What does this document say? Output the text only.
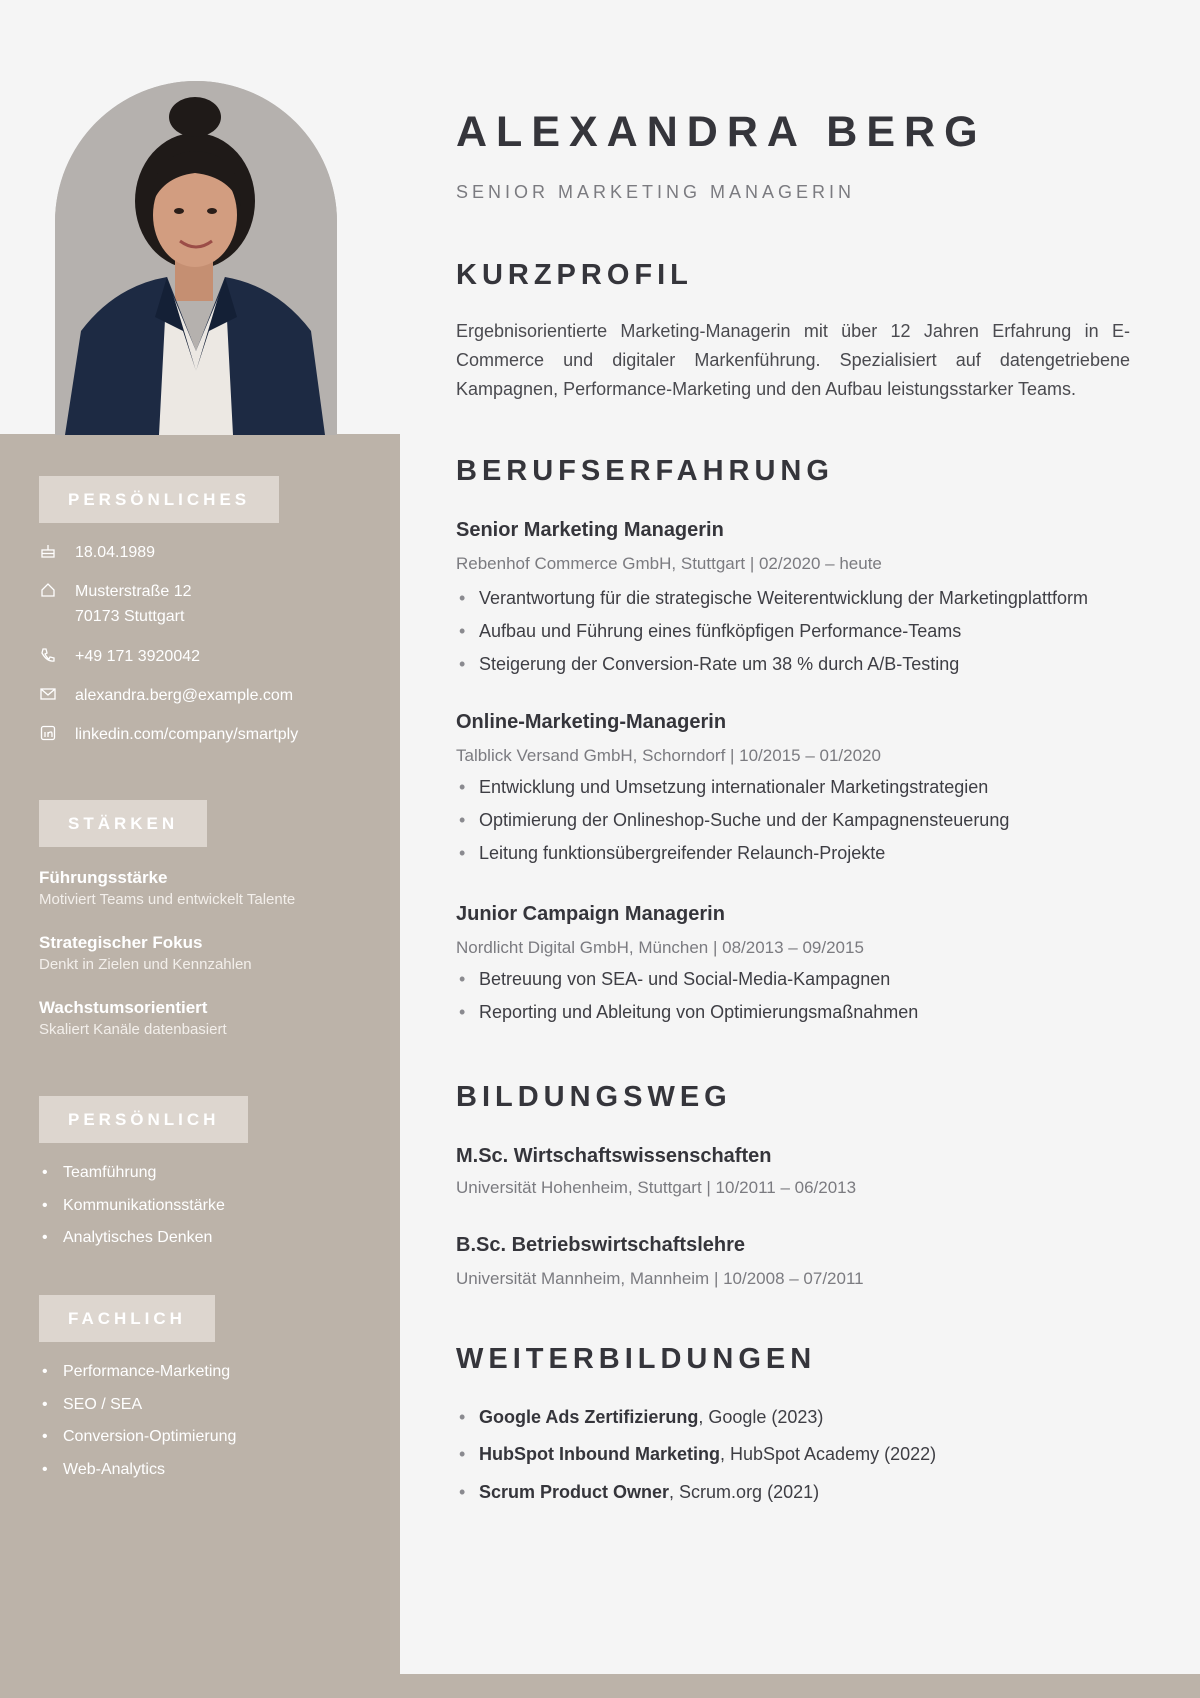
PERSÖNLICHES
18.04.1989
Musterstraße 12
70173 Stuttgart
+49 171 3920042
alexandra.berg@example.com
linkedin.com/company/smartply
STÄRKEN
Führungsstärke
Motiviert Teams und entwickelt Talente
Strategischer Fokus
Denkt in Zielen und Kennzahlen
Wachstumsorientiert
Skaliert Kanäle datenbasiert
PERSÖNLICH
• Teamführung
• Kommunikationsstärke
• Analytisches Denken
FACHLICH
• Performance-Marketing
• SEO / SEA
• Conversion-Optimierung
• Web-Analytics
ALEXANDRA BERG
SENIOR MARKETING MANAGERIN
KURZPROFIL

Ergebnisorientierte Marketing-Managerin mit über 12 Jahren Erfahrung in E-Commerce und digitaler Markenführung. Spezialisiert auf datengetriebene Kampagnen, Performance-Marketing und den Aufbau leistungsstarker Teams.

BERUFSERFAHRUNG
Senior Marketing Managerin
Rebenhof Commerce GmbH, Stuttgart | 02/2020 – heute
• Verantwortung für die strategische Weiterentwicklung der Marketingplattform
• Aufbau und Führung eines fünfköpfigen Performance-Teams
• Steigerung der Conversion-Rate um 38 % durch A/B-Testing
Online-Marketing-Managerin
Talblick Versand GmbH, Schorndorf | 10/2015 – 01/2020
• Entwicklung und Umsetzung internationaler Marketingstrategien
• Optimierung der Onlineshop-Suche und der Kampagnensteuerung
• Leitung funktionsübergreifender Relaunch-Projekte
Junior Campaign Managerin
Nordlicht Digital GmbH, München | 08/2013 – 09/2015
• Betreuung von SEA- und Social-Media-Kampagnen
• Reporting und Ableitung von Optimierungsmaßnahmen
BILDUNGSWEG
M.Sc. Wirtschaftswissenschaften
Universität Hohenheim, Stuttgart | 10/2011 – 06/2013
B.Sc. Betriebswirtschaftslehre
Universität Mannheim, Mannheim | 10/2008 – 07/2011
WEITERBILDUNGEN
• Google Ads Zertifizierung, Google (2023)
• HubSpot Inbound Marketing, HubSpot Academy (2022)
• Scrum Product Owner, Scrum.org (2021)
